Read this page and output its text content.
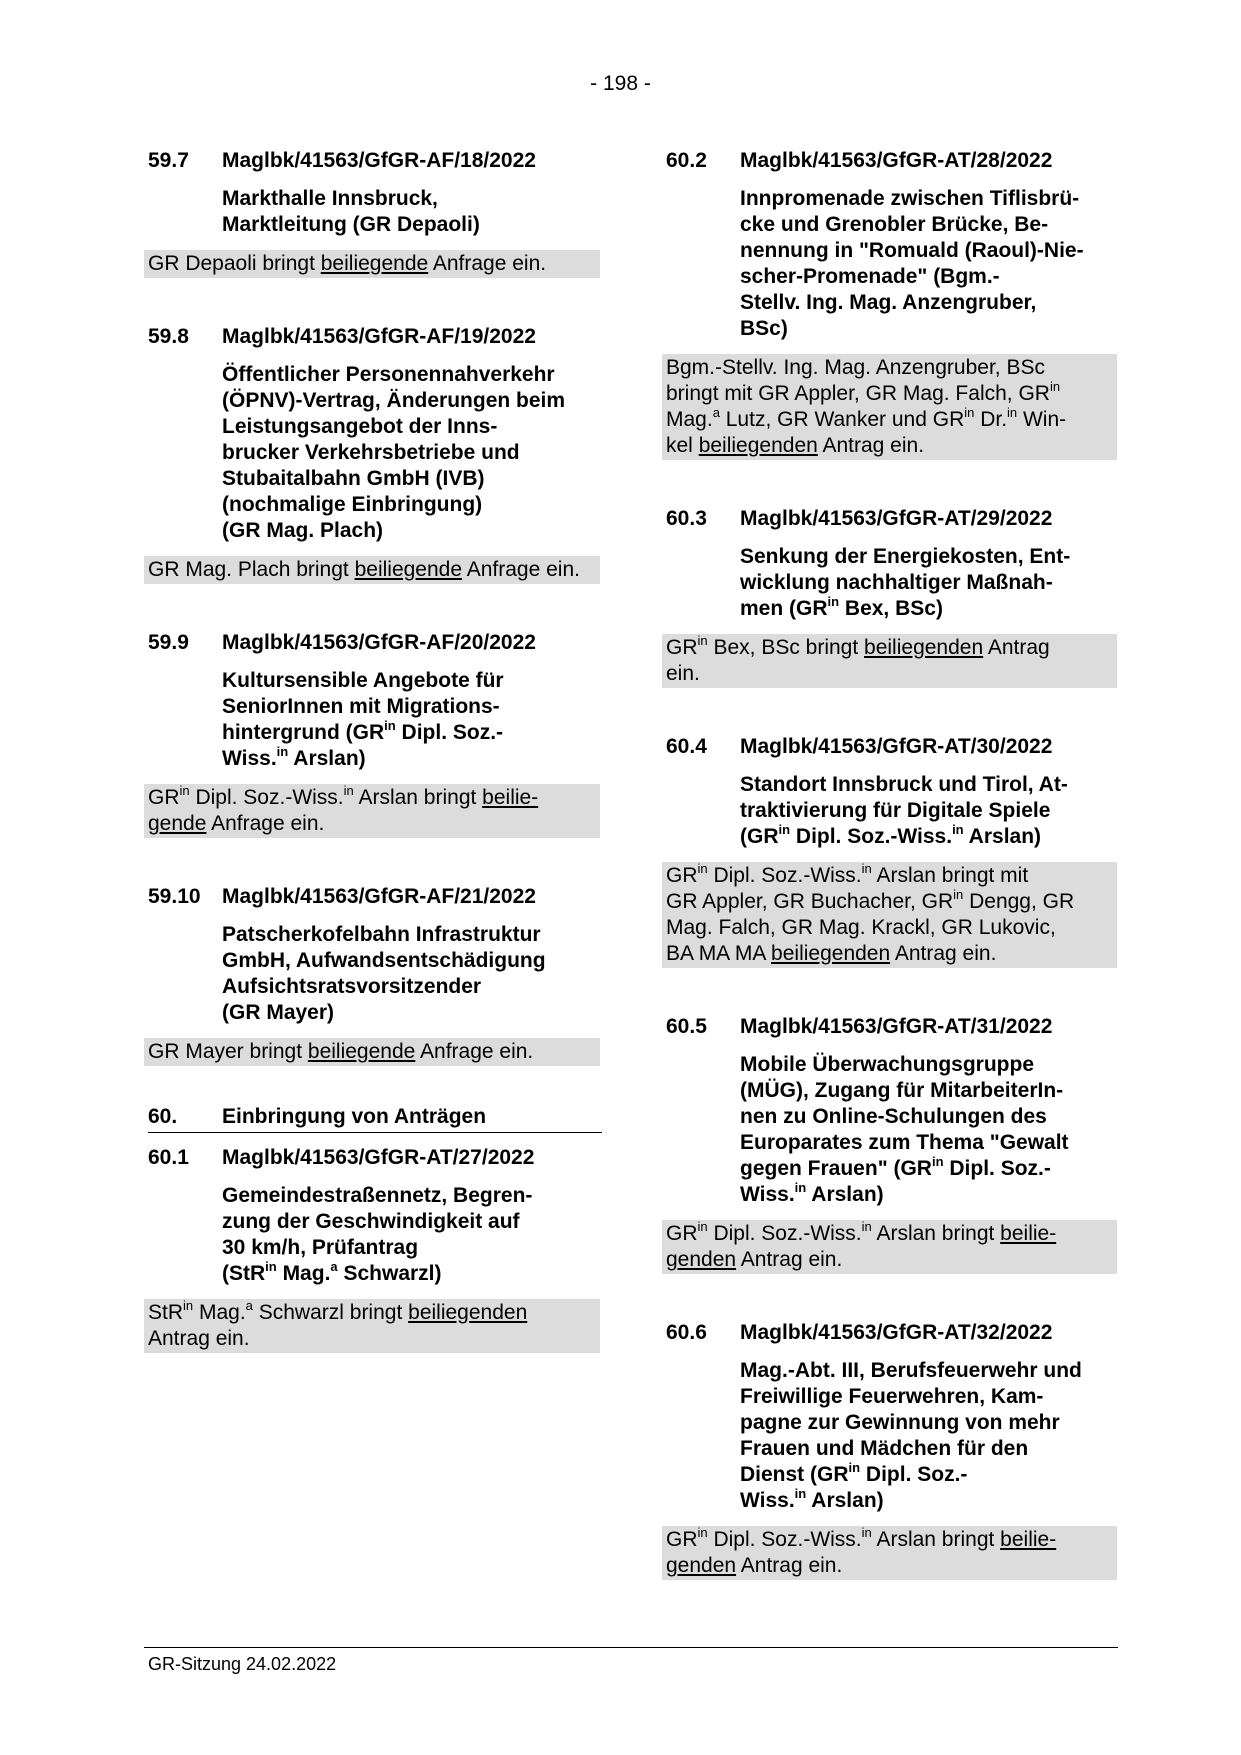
- 198 -
59.7	Maglbk/41563/GfGR-AF/18/2022
Markthalle Innsbruck,
Marktleitung (GR Depaoli)
GR Depaoli bringt beiliegende Anfrage ein.
59.8	Maglbk/41563/GfGR-AF/19/2022
Öffentlicher Personennahverkehr
(ÖPNV)-Vertrag, Änderungen beim
Leistungsangebot der Inns-
brucker Verkehrsbetriebe und
Stubaitalbahn GmbH (IVB)
(nochmalige Einbringung)
(GR Mag. Plach)
GR Mag. Plach bringt beiliegende Anfrage ein.
59.9	Maglbk/41563/GfGR-AF/20/2022
Kultursensible Angebote für
SeniorInnen mit Migrations-
hintergrund ($GR^{in}$ Dipl. Soz.-
Wiss.$^{in}$ Arslan)
$GR^{in}$ Dipl. Soz.-Wiss.$^{in}$ Arslan bringt beilie-
gende Anfrage ein.
59.10	Maglbk/41563/GfGR-AF/21/2022
Patscherkofelbahn Infrastruktur
GmbH, Aufwandsentschädigung
Aufsichtsratsvorsitzender
(GR Mayer)
GR Mayer bringt beiliegende Anfrage ein.
60.	Einbringung von Anträgen
60.1	Maglbk/41563/GfGR-AT/27/2022
Gemeindestraßennetz, Begren-
zung der Geschwindigkeit auf
30 km/h, Prüfantrag
(StR$^{in}$ Mag.$^a$ Schwarzl)
StR$^{in}$ Mag.$^a$ Schwarzl bringt beiliegenden
Antrag ein.
60.2	Maglbk/41563/GfGR-AT/28/2022
Innpromenade zwischen Tiflisbrü-
cke und Grenobler Brücke, Be-
nennung in "Romuald (Raoul)-Nie-
scher-Promenade" (Bgm.-
Stellv. Ing. Mag. Anzengruber,
BSc)
Bgm.-Stellv. Ing. Mag. Anzengruber, BSc
bringt mit GR Appler, GR Mag. Falch, $GR^{in}$
Mag.$^a$ Lutz, GR Wanker und $GR^{in}$ Dr.$^{in}$ Win-
kel beiliegenden Antrag ein.
60.3	Maglbk/41563/GfGR-AT/29/2022
Senkung der Energiekosten, Ent-
wicklung nachhaltiger Maßnah-
men ($GR^{in}$ Bex, BSc)
$GR^{in}$ Bex, BSc bringt beiliegenden Antrag
ein.
60.4	Maglbk/41563/GfGR-AT/30/2022
Standort Innsbruck und Tirol, At-
traktivierung für Digitale Spiele
($GR^{in}$ Dipl. Soz.-Wiss.$^{in}$ Arslan)
$GR^{in}$ Dipl. Soz.-Wiss.$^{in}$ Arslan bringt mit
GR Appler, GR Buchacher, $GR^{in}$ Dengg, GR
Mag. Falch, GR Mag. Krackl, GR Lukovic,
BA MA MA beiliegenden Antrag ein.
60.5	Maglbk/41563/GfGR-AT/31/2022
Mobile Überwachungsgruppe
(MÜG), Zugang für MitarbeiterIn-
nen zu Online-Schulungen des
Europarates zum Thema "Gewalt
gegen Frauen" ($GR^{in}$ Dipl. Soz.-
Wiss.$^{in}$ Arslan)
$GR^{in}$ Dipl. Soz.-Wiss.$^{in}$ Arslan bringt beilie-
genden Antrag ein.
60.6	Maglbk/41563/GfGR-AT/32/2022
Mag.-Abt. III, Berufsfeuerwehr und
Freiwillige Feuerwehren, Kam-
pagne zur Gewinnung von mehr
Frauen und Mädchen für den
Dienst ($GR^{in}$ Dipl. Soz.-
Wiss.$^{in}$ Arslan)
$GR^{in}$ Dipl. Soz.-Wiss.$^{in}$ Arslan bringt beilie-
genden Antrag ein.
GR-Sitzung 24.02.2022
